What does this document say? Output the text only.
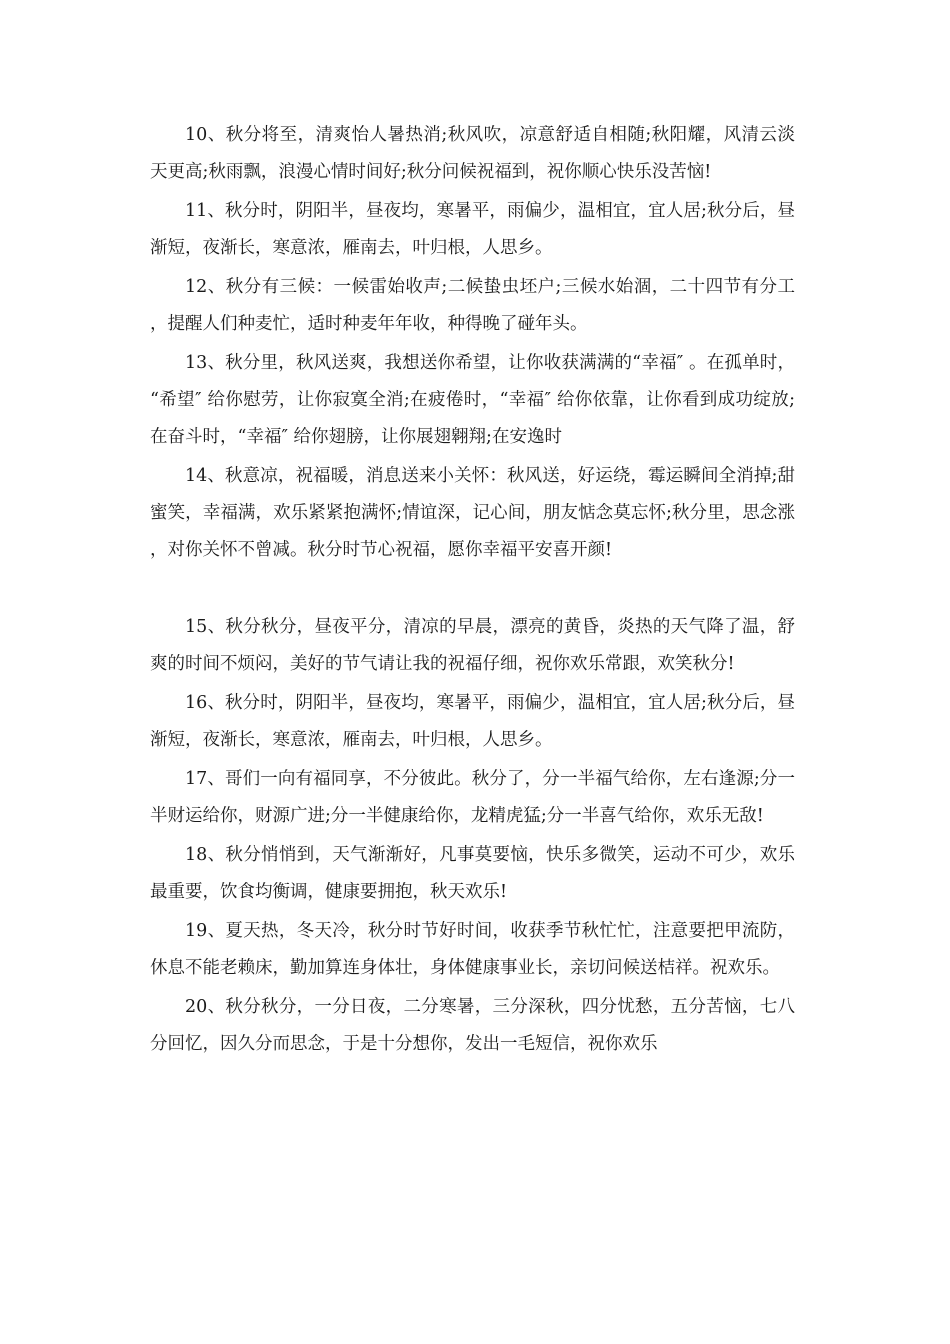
10、秋分将至，清爽怡人暑热消;秋风吹，凉意舒适自相随;秋阳耀，风清云淡天更高;秋雨飘，浪漫心情时间好;秋分问候祝福到，祝你顺心快乐没苦恼!

11、秋分时，阴阳半，昼夜均，寒暑平，雨偏少，温相宜，宜人居;秋分后，昼渐短，夜渐长，寒意浓，雁南去，叶归根，人思乡。

12、秋分有三候：一候雷始收声;二候蛰虫坯户;三候水始涸，二十四节有分工，提醒人们种麦忙，适时种麦年年收，种得晚了碰年头。

13、秋分里，秋风送爽，我想送你希望，让你收获满满的“幸福″ 。在孤单时，“希望″ 给你慰劳，让你寂寞全消;在疲倦时，“幸福″ 给你依靠，让你看到成功绽放;在奋斗时，“幸福″ 给你翅膀，让你展翅翱翔;在安逸时

14、秋意凉，祝福暖，消息送来小关怀：秋风送，好运绕，霉运瞬间全消掉;甜蜜笑，幸福满，欢乐紧紧抱满怀;情谊深，记心间，朋友惦念莫忘怀;秋分里，思念涨，对你关怀不曾减。秋分时节心祝福，愿你幸福平安喜开颜!

15、秋分秋分，昼夜平分，清凉的早晨，漂亮的黄昏，炎热的天气降了温，舒爽的时间不烦闷，美好的节气请让我的祝福仔细，祝你欢乐常跟，欢笑秋分!

16、秋分时，阴阳半，昼夜均，寒暑平，雨偏少，温相宜，宜人居;秋分后，昼渐短，夜渐长，寒意浓，雁南去，叶归根，人思乡。

17、哥们一向有福同享，不分彼此。秋分了，分一半福气给你，左右逢源;分一半财运给你，财源广进;分一半健康给你，龙精虎猛;分一半喜气给你，欢乐无敌!

18、秋分悄悄到，天气渐渐好，凡事莫要恼，快乐多微笑，运动不可少，欢乐最重要，饮食均衡调，健康要拥抱，秋天欢乐!

19、夏天热，冬天冷，秋分时节好时间，收获季节秋忙忙，注意要把甲流防，休息不能老赖床，勤加算连身体壮，身体健康事业长，亲切问候送桔祥。祝欢乐。

20、秋分秋分，一分日夜，二分寒暑，三分深秋，四分忧愁，五分苦恼，七八分回忆，因久分而思念，于是十分想你，发出一毛短信，祝你欢乐
